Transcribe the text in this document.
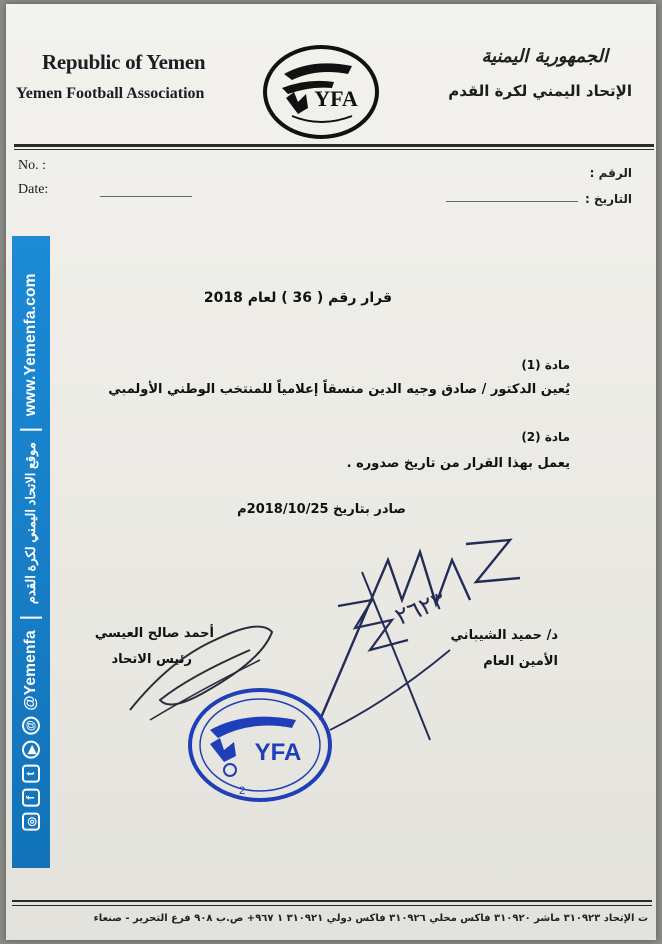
Republic of Yemen
Yemen Football Association
الجمهورية اليمنية
الإتحاد اليمني لكرة القدم
YFA
No. :
Date:
الرقم :
التاريخ :
◎
f
t
▶
@
@Yemenfa
موقع الاتحاد اليمني لكرة القدم
www.Yemenfa.com	قرار رقم ( 36 ) لعام 2018
مادة (1)
يُعين الدكتور / صادق وجيه الدين منسقاً إعلامياً للمنتخب الوطني الأولمبي
مادة (2)
يعمل بهذا القرار من تاريخ صدوره .
صادر بتاريخ 2018/10/25م
أحمد صالح العيسي
رئيس الاتحاد
د/ حميد الشيباني
الأمين العام
٢٦٢٣
YFA
2
ت الإتحاد ٣١٠٩٢٣ ماشر ٣١٠٩٢٠ فاكس محلي ٣١٠٩٢٦ فاكس دولي ٣١٠٩٢١ ١ ٩٦٧+ ص.ب ٩٠٨ فرع التحرير - صنعاء
